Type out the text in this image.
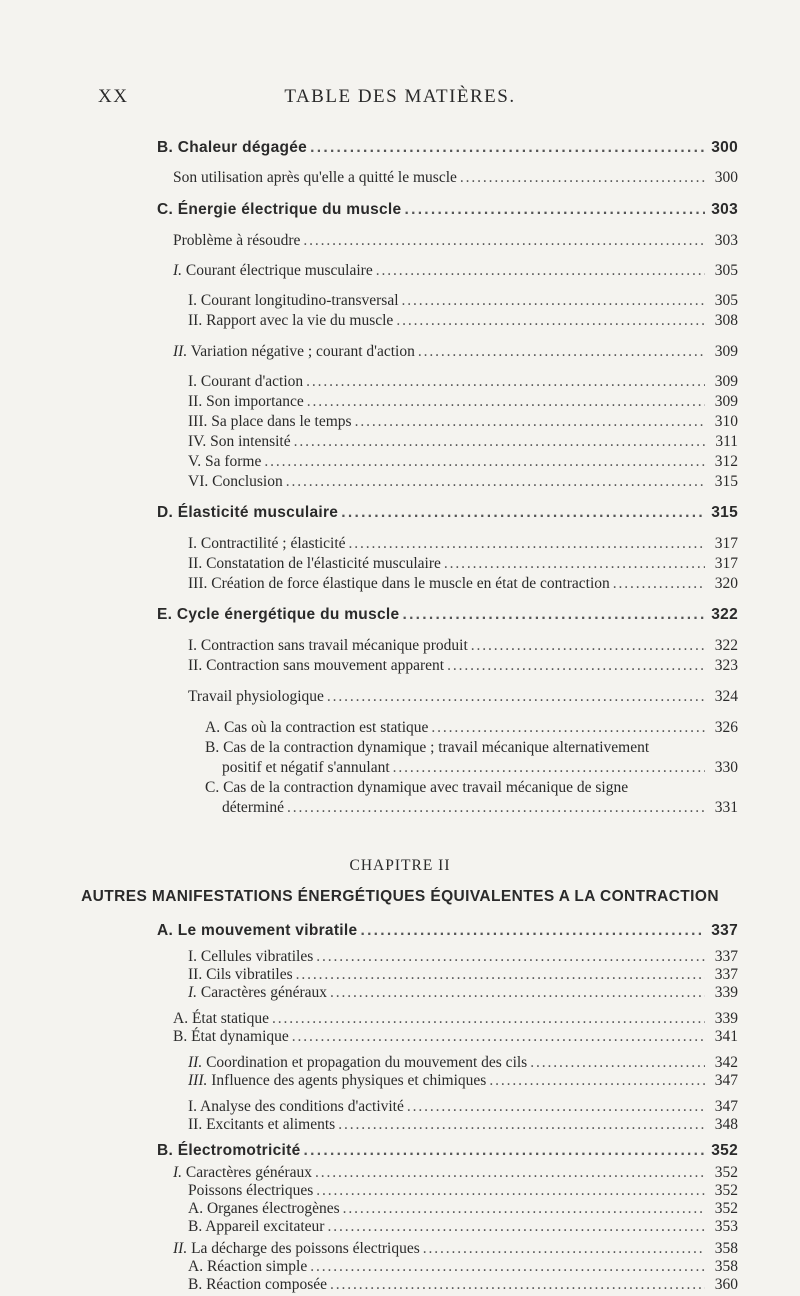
XX	TABLE DES MATIÈRES.
B. Chaleur dégagée . . .	300
Son utilisation après qu'elle a quitté le muscle . . .	300
C. Énergie électrique du muscle . . .	303
Problème à résoudre . . .	303
I. Courant électrique musculaire . . .	305
I. Courant longitudino-transversal . . .	305
II. Rapport avec la vie du muscle . . .	308
II. Variation négative ; courant d'action . . .	309
I. Courant d'action . . .	309
II. Son importance . . .	309
III. Sa place dans le temps . . .	310
IV. Son intensité . . .	311
V. Sa forme . . .	312
VI. Conclusion . . .	315
D. Élasticité musculaire . . .	315
I. Contractilité ; élasticité . . .	317
II. Constatation de l'élasticité musculaire . . .	317
III. Création de force élastique dans le muscle en état de contraction . . .	320
E. Cycle énergétique du muscle . . .	322
I. Contraction sans travail mécanique produit . . .	322
II. Contraction sans mouvement apparent . . .	323
Travail physiologique . . .	324
A. Cas où la contraction est statique . . .	326
B. Cas de la contraction dynamique ; travail mécanique alternativement
positif et négatif s'annulant . . .	330
C. Cas de la contraction dynamique avec travail mécanique de signe
déterminé . . .	331
CHAPITRE II
AUTRES MANIFESTATIONS ÉNERGÉTIQUES ÉQUIVALENTES A LA CONTRACTION
A. Le mouvement vibratile . . .	337
I. Cellules vibratiles . . .	337
II. Cils vibratiles . . .	337
I. Caractères généraux . . .	339
A. État statique . . .	339
B. État dynamique . . .	341
II. Coordination et propagation du mouvement des cils . . .	342
III. Influence des agents physiques et chimiques . . .	347
I. Analyse des conditions d'activité . . .	347
II. Excitants et aliments . . .	348
B. Électromotricité . . .	352
I. Caractères généraux . . .	352
Poissons électriques . . .	352
A. Organes électrogènes . . .	352
B. Appareil excitateur . . .	353
II. La décharge des poissons électriques . . .	358
A. Réaction simple . . .	358
B. Réaction composée . . .	360
